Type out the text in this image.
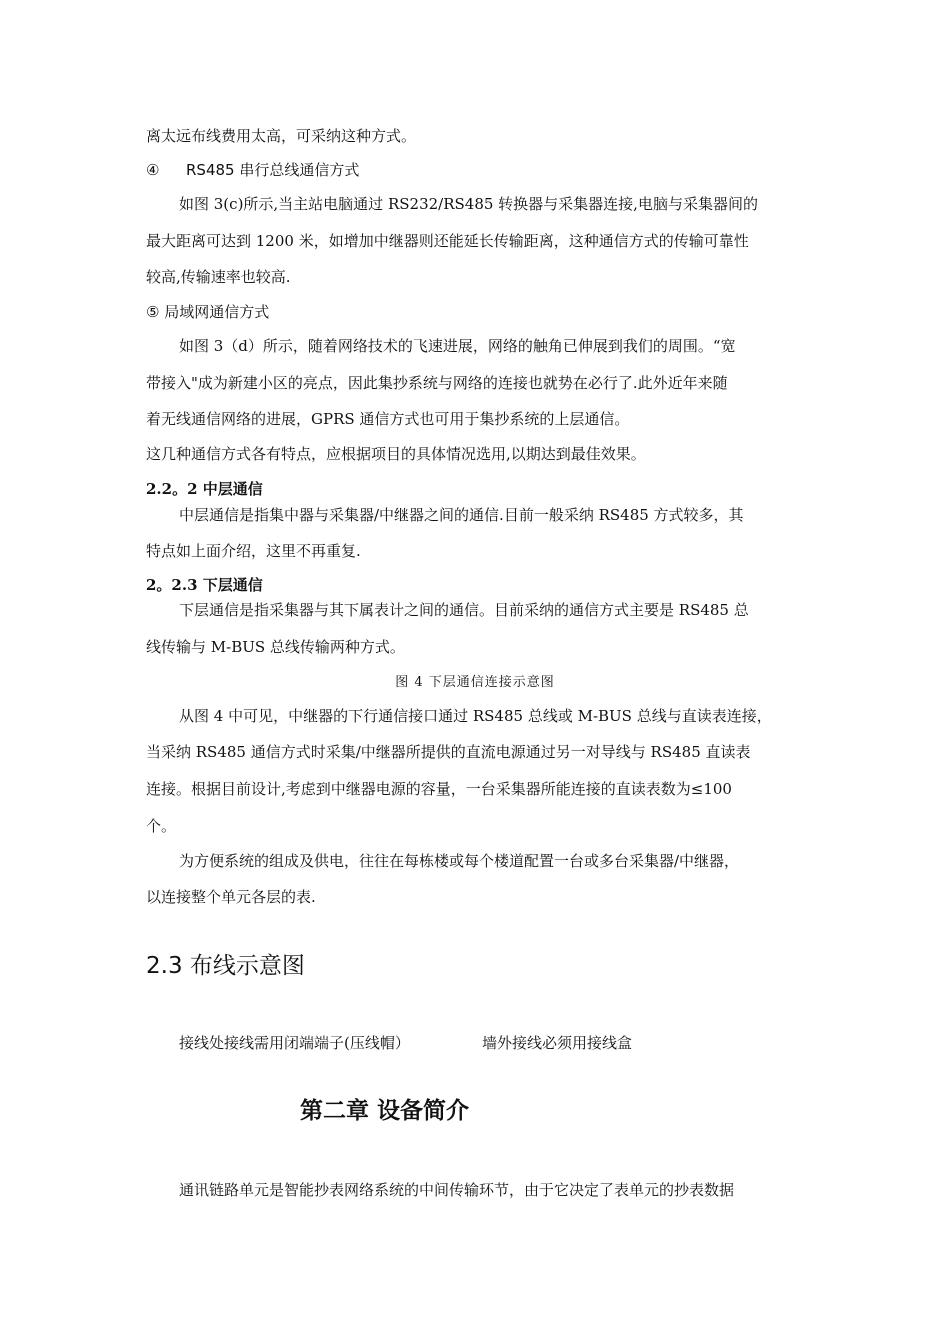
离太远布线费用太高，可采纳这种方式。
④ RS485 串行总线通信方式
如图 3(c)所示,当主站电脑通过 RS232/RS485 转换器与采集器连接,电脑与采集器间的
最大距离可达到 1200 米，如增加中继器则还能延长传输距离，这种通信方式的传输可靠性
较高,传输速率也较高.
⑤ 局域网通信方式
如图 3（d）所示，随着网络技术的飞速进展，网络的触角已伸展到我们的周围。“宽
带接入"成为新建小区的亮点，因此集抄系统与网络的连接也就势在必行了.此外近年来随
着无线通信网络的进展，GPRS 通信方式也可用于集抄系统的上层通信。
这几种通信方式各有特点，应根据项目的具体情况选用,以期达到最佳效果。
2.2。2 中层通信
中层通信是指集中器与采集器/中继器之间的通信.目前一般采纳 RS485 方式较多，其
特点如上面介绍，这里不再重复.
2。2.3 下层通信
下层通信是指采集器与其下属表计之间的通信。目前采纳的通信方式主要是 RS485 总
线传输与 M-BUS 总线传输两种方式。
图 4 下层通信连接示意图
从图 4 中可见，中继器的下行通信接口通过 RS485 总线或 M-BUS 总线与直读表连接，
当采纳 RS485 通信方式时采集/中继器所提供的直流电源通过另一对导线与 RS485 直读表
连接。根据目前设计,考虑到中继器电源的容量，一台采集器所能连接的直读表数为≤100
个。
为方便系统的组成及供电，往往在每栋楼或每个楼道配置一台或多台采集器/中继器，
以连接整个单元各层的表.
2.3 布线示意图
接线处接线需用闭端端子(压线帽）	墙外接线必须用接线盒
第二章 设备简介
通讯链路单元是智能抄表网络系统的中间传输环节，由于它决定了表单元的抄表数据
